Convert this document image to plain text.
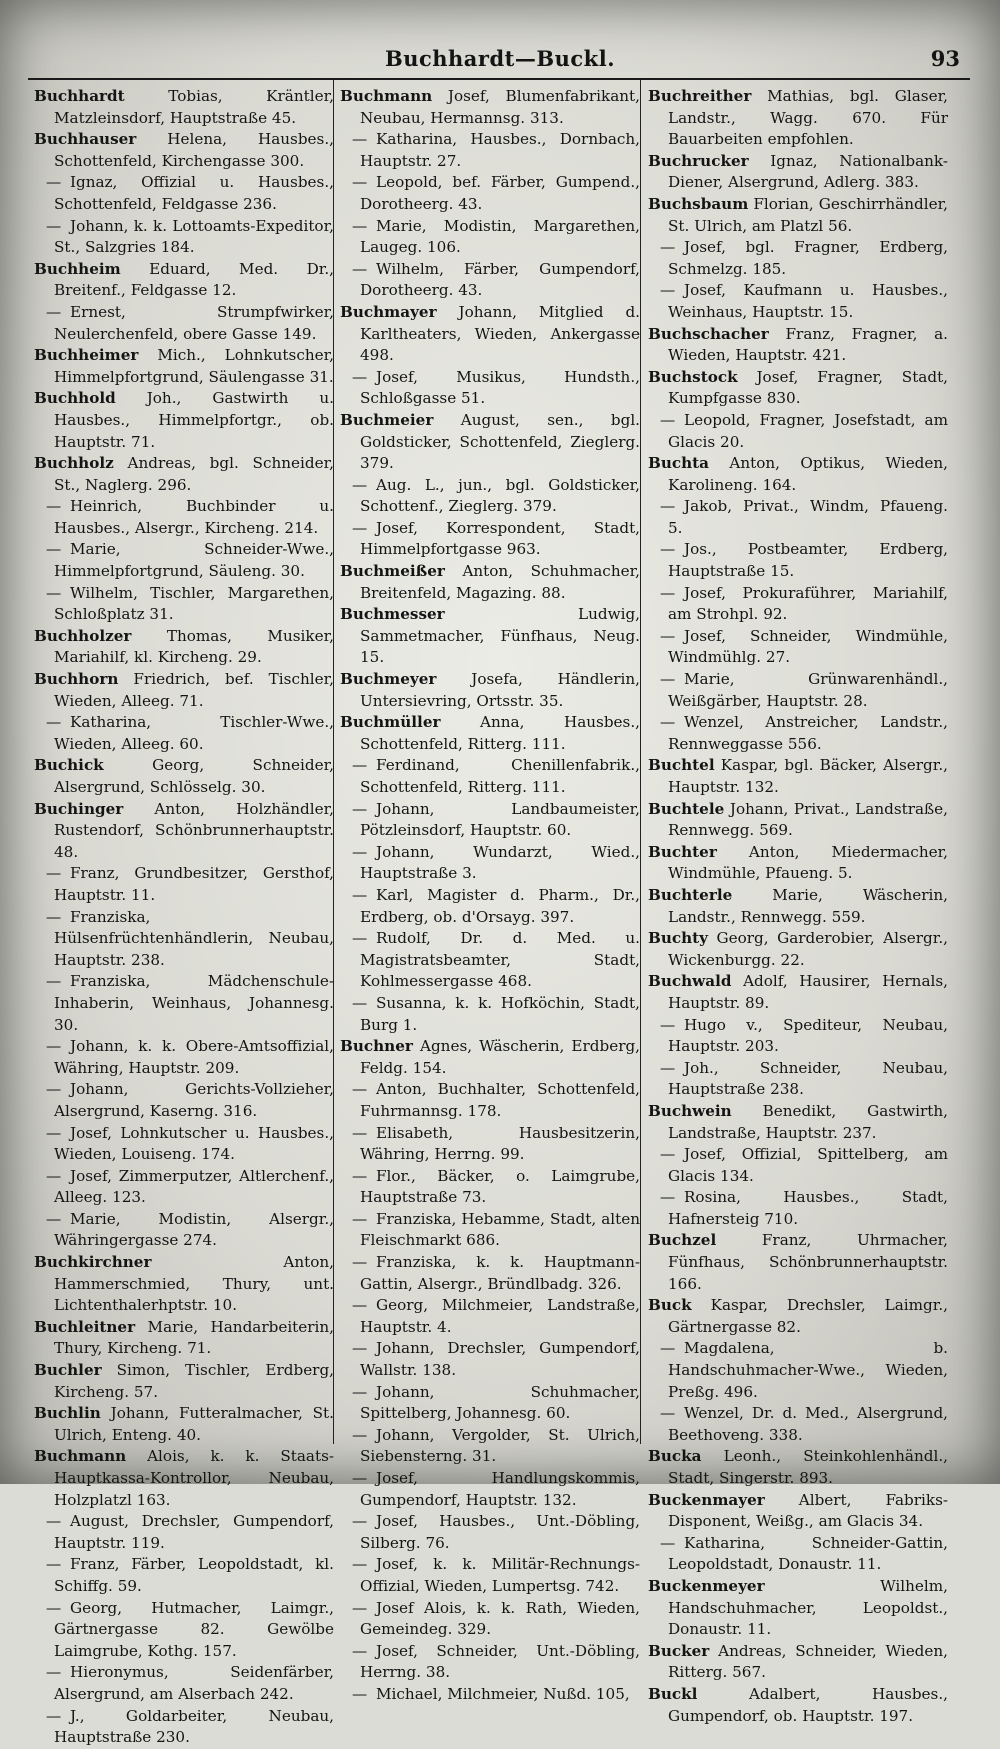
Buchhardt—Buckl.	93

Buchhardt	Tobias, Kräntler, Matzleinsdorf, Hauptstraße 45.

Buchhauser Helena, Hausbes., Schottenfeld, Kirchengasse 300.

— Ignaz, Offizial u. Hausbes., Schottenfeld, Feldgasse 236.

— Johann, k. k. Lottoamts-Expeditor, St., Salzgries 184.

Buchheim Eduard, Med. Dr., Breitenf., Feldgasse 12.

— Ernest, Strumpfwirker, Neulerchenfeld, obere Gasse 149.

Buchheimer Mich., Lohnkutscher, Himmelpfortgrund, Säulengasse 31.

Buchhold Joh., Gastwirth u. Hausbes., Himmelpfortgr., ob. Hauptstr. 71.

Buchholz Andreas, bgl. Schneider, St., Naglerg. 296.

— Heinrich, Buchbinder u. Hausbes., Alsergr., Kircheng. 214.

— Marie, Schneider-Wwe., Himmelpfortgrund, Säuleng. 30.

— Wilhelm, Tischler, Margarethen, Schloßplatz 31.

Buchholzer Thomas, Musiker, Mariahilf, kl. Kircheng. 29.

Buchhorn Friedrich, bef. Tischler, Wieden, Alleeg. 71.

— Katharina, Tischler-Wwe., Wieden, Alleeg. 60.

Buchick	Georg, Schneider, Alsergrund, Schlösselg. 30.

Buchinger Anton, Holzhändler, Rustendorf, Schönbrunnerhauptstr. 48.

— Franz, Grundbesitzer, Gersthof, Hauptstr. 11.

— Franziska, Hülsenfrüchtenhändlerin, Neubau, Hauptstr. 238.

— Franziska, Mädchenschule-Inhaberin, Weinhaus, Johannesg. 30.

— Johann, k. k. Obere-Amtsoffizial, Währing, Hauptstr. 209.

— Johann, Gerichts-Vollzieher, Alsergrund, Kaserng. 316.

— Josef, Lohnkutscher u. Hausbes., Wieden, Louiseng. 174.

— Josef, Zimmerputzer, Altlerchenf., Alleeg. 123.

— Marie, Modistin, Alsergr., Währingergasse 274.

Buchkirchner	Anton, Hammerschmied, Thury, unt. Lichtenthalerhptstr. 10.

Buchleitner Marie, Handarbeiterin, Thury, Kircheng. 71.

Buchler Simon, Tischler, Erdberg, Kircheng. 57.

Buchlin Johann, Futteralmacher, St. Ulrich, Enteng. 40.

Buchmann Alois, k. k. Staats-Hauptkassa-Kontrollor, Neubau, Holzplatzl 163.

— August, Drechsler, Gumpendorf, Hauptstr. 119.

— Franz, Färber, Leopoldstadt, kl. Schiffg. 59.

— Georg, Hutmacher, Laimgr., Gärtnergasse 82. Gewölbe Laimgrube, Kothg. 157.

— Hieronymus, Seidenfärber, Alsergrund, am Alserbach 242.

— J., Goldarbeiter, Neubau, Hauptstraße 230.

Buchmann Josef, Blumenfabrikant, Neubau, Hermannsg. 313.

— Katharina, Hausbes., Dornbach, Hauptstr. 27.

— Leopold, bef. Färber, Gumpend., Dorotheerg. 43.

— Marie, Modistin, Margarethen, Laugeg. 106.

— Wilhelm, Färber, Gumpendorf, Dorotheerg. 43.

Buchmayer Johann, Mitglied d. Karltheaters, Wieden, Ankergasse 498.

— Josef, Musikus, Hundsth., Schloßgasse 51.

Buchmeier August, sen., bgl. Goldsticker, Schottenfeld, Zieglerg. 379.

— Aug. L., jun., bgl. Goldsticker, Schottenf., Zieglerg. 379.

— Josef, Korrespondent, Stadt, Himmelpfortgasse 963.

Buchmeißer Anton, Schuhmacher, Breitenfeld, Magazing. 88.

Buchmesser	Ludwig, Sammetmacher, Fünfhaus, Neug. 15.

Buchmeyer Josefa, Händlerin, Untersievring, Ortsstr. 35.

Buchmüller	Anna, Hausbes., Schottenfeld, Ritterg. 111.

— Ferdinand, Chenillenfabrik., Schottenfeld, Ritterg. 111.

— Johann, Landbaumeister, Pötzleinsdorf, Hauptstr. 60.

— Johann, Wundarzt, Wied., Hauptstraße 3.

— Karl, Magister d. Pharm., Dr., Erdberg, ob. d'Orsayg. 397.

— Rudolf, Dr. d. Med. u. Magistratsbeamter, Stadt, Kohlmessergasse 468.

— Susanna, k. k. Hofköchin, Stadt, Burg 1.

Buchner Agnes, Wäscherin, Erdberg, Feldg. 154.

— Anton, Buchhalter, Schottenfeld, Fuhrmannsg. 178.

— Elisabeth, Hausbesitzerin, Währing, Herrng. 99.

— Flor., Bäcker, o. Laimgrube, Hauptstraße 73.

— Franziska, Hebamme, Stadt, alten Fleischmarkt 686.

— Franziska, k. k. Hauptmann-Gattin, Alsergr., Bründlbadg. 326.

— Georg, Milchmeier, Landstraße, Hauptstr. 4.

— Johann, Drechsler, Gumpendorf, Wallstr. 138.

— Johann, Schuhmacher, Spittelberg, Johannesg. 60.

— Johann, Vergolder, St. Ulrich, Siebensterng. 31.

— Josef, Handlungskommis, Gumpendorf, Hauptstr. 132.

— Josef, Hausbes., Unt.-Döbling, Silberg. 76.

— Josef, k. k. Militär-Rechnungs-Offizial, Wieden, Lumpertsg. 742.

— Josef Alois, k. k. Rath, Wieden, Gemeindeg. 329.

— Josef, Schneider, Unt.-Döbling, Herrng. 38.

— Michael, Milchmeier, Nußd. 105,

Buchreither Mathias, bgl. Glaser, Landstr., Wagg. 670. Für Bauarbeiten empfohlen.

Buchrucker Ignaz, Nationalbank-Diener, Alsergrund, Adlerg. 383.

Buchsbaum Florian, Geschirrhändler, St. Ulrich, am Platzl 56.

— Josef, bgl. Fragner, Erdberg, Schmelzg. 185.

— Josef, Kaufmann u. Hausbes., Weinhaus, Hauptstr. 15.

Buchschacher Franz, Fragner, a. Wieden, Hauptstr. 421.

Buchstock Josef, Fragner, Stadt, Kumpfgasse 830.

— Leopold, Fragner, Josefstadt, am Glacis 20.

Buchta Anton, Optikus, Wieden, Karolineng. 164.

— Jakob, Privat., Windm, Pfaueng. 5.

— Jos., Postbeamter, Erdberg, Hauptstraße 15.

— Josef, Prokuraführer, Mariahilf, am Strohpl. 92.

— Josef, Schneider, Windmühle, Windmühlg. 27.

— Marie, Grünwarenhändl., Weißgärber, Hauptstr. 28.

— Wenzel, Anstreicher, Landstr., Rennweggasse 556.

Buchtel Kaspar, bgl. Bäcker, Alsergr., Hauptstr. 132.

Buchtele Johann, Privat., Landstraße, Rennwegg. 569.

Buchter Anton, Miedermacher, Windmühle, Pfaueng. 5.

Buchterle	Marie, Wäscherin, Landstr., Rennwegg. 559.

Buchty Georg, Garderobier, Alsergr., Wickenburgg. 22.

Buchwald Adolf, Hausirer, Hernals, Hauptstr. 89.

— Hugo v., Spediteur, Neubau, Hauptstr. 203.

— Joh., Schneider, Neubau, Hauptstraße 238.

Buchwein Benedikt, Gastwirth, Landstraße, Hauptstr. 237.

— Josef, Offizial, Spittelberg, am Glacis 134.

— Rosina, Hausbes., Stadt, Hafnersteig 710.

Buchzel	Franz, Uhrmacher, Fünfhaus, Schönbrunnerhauptstr. 166.

Buck Kaspar, Drechsler, Laimgr., Gärtnergasse 82.

— Magdalena, b. Handschuhmacher-Wwe., Wieden, Preßg. 496.

— Wenzel, Dr. d. Med., Alsergrund, Beethoveng. 338.

Bucka Leonh., Steinkohlenhändl., Stadt, Singerstr. 893.

Buckenmayer Albert, Fabriks-Disponent, Weißg., am Glacis 34.

— Katharina, Schneider-Gattin, Leopoldstadt, Donaustr. 11.

Buckenmeyer	Wilhelm, Handschuhmacher, Leopoldst., Donaustr. 11.

Bucker Andreas, Schneider, Wieden, Ritterg. 567.

Buckl	Adalbert, Hausbes., Gumpendorf, ob. Hauptstr. 197.
